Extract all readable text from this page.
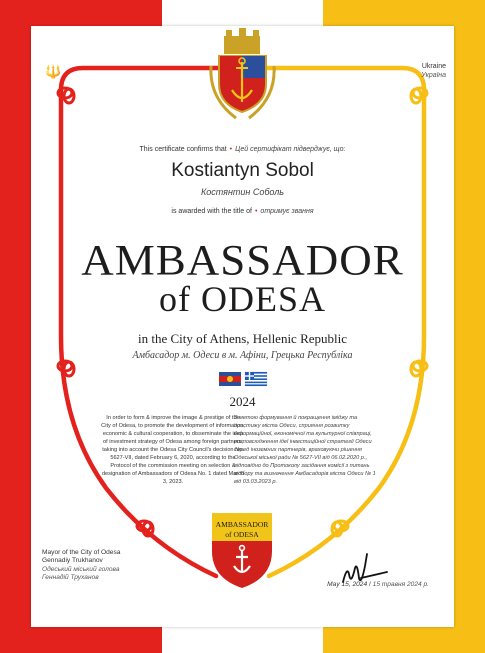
🔱	Ukraine
Україна
This certificate confirms that • Цей сертифікат підверджує, що:
Kostiantyn Sobol
Костянтин Соболь
is awarded with the title of • отримує звання
AMBASSADOR
of ODESA
in the City of Athens, Hellenic Republic
Амбасадор м. Одеси в м. Афіни, Грецька Республіка
2024
In order to form & improve the image & prestige of the City of Odesa, to promote the development of information, economic & cultural cooperation, to disseminate the idea of investment strategy of Odesa among foreign partners, taking into account the Odesa City Council's decision No. 5627-VII, dated February 6, 2020, according to the Protocol of the commission meeting on selection & designation of Ambassadors of Odesa No. 1 dated March 3, 2023.
З метою формування й покращення іміджу та престижу міста Одеси, сприяння розвитку інформаційної, економічної та культурної співпраці, розповсюдження ідеї інвестиційної стратегії Одеси серед іноземних партнерів, враховуючи рішення Одеської міської ради № 5627-VII від 06.02.2020 р., відповідно до Протоколу засідання комісії з питань відбору та визначення Амбасадорів міста Одеси № 1 від 03.03.2023 р.
AMBASSADOR
of ODESA
Mayor of the City of Odesa
Gennadiy Trukhanov
Одеський міський голова
Геннадій Труханов
May 15, 2024 / 15 травня 2024 р.
